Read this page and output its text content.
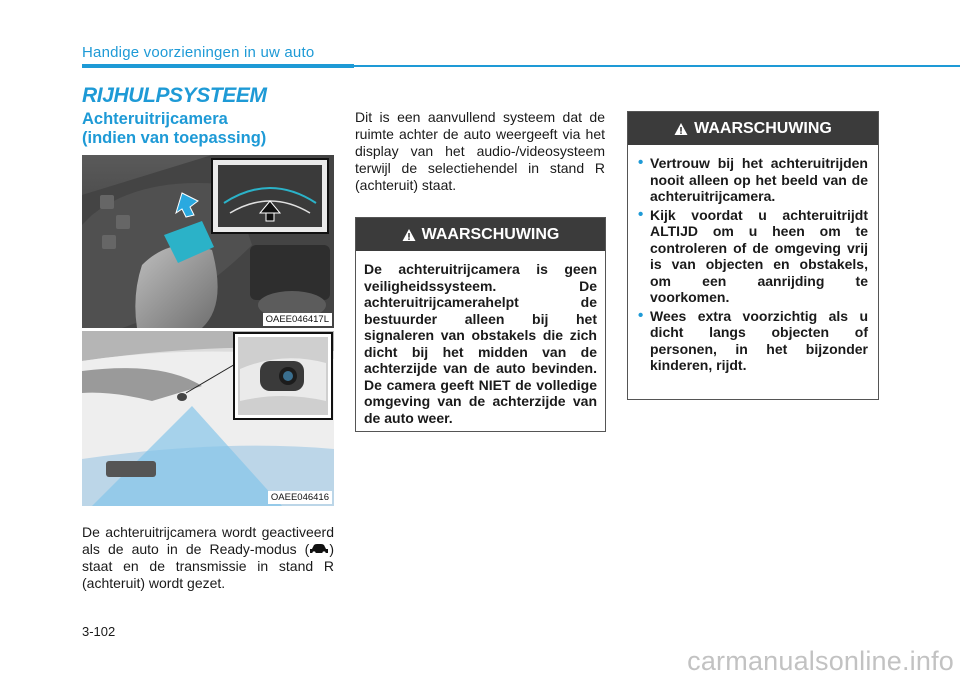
Handige voorzieningen in uw auto
RIJHULPSYSTEEM
Achteruitrijcamera
(indien van toepassing)
OAEE046417L
OAEE046416
De achteruitrijcamera wordt geactiveerd als de auto in de Ready-modus ( ) staat en de transmissie in stand R (achteruit) wordt gezet.
Dit is een aanvullend systeem dat de ruimte achter de auto weergeeft via het display van het audio-/videosysteem terwijl de selectiehendel in stand R (achteruit) staat.
WAARSCHUWING
De achteruitrijcamera is geen veiligheidssysteem. De achteruitrijcamerahelpt de bestuurder alleen bij het signaleren van obstakels die zich dicht bij het midden van de achterzijde van de auto bevinden. De camera geeft NIET de volledige omgeving van de achterzijde van de auto weer.
WAARSCHUWING
• Vertrouw bij het achteruitrijden nooit alleen op het beeld van de achteruitrijcamera.
• Kijk voordat u achteruitrijdt ALTIJD om u heen om te controleren of de omgeving vrij is van objecten en obstakels, om een aanrijding te voorkomen.
• Wees extra voorzichtig als u dicht langs objecten of personen, in het bijzonder kinderen, rijdt.
3-102
carmanualsonline.info
